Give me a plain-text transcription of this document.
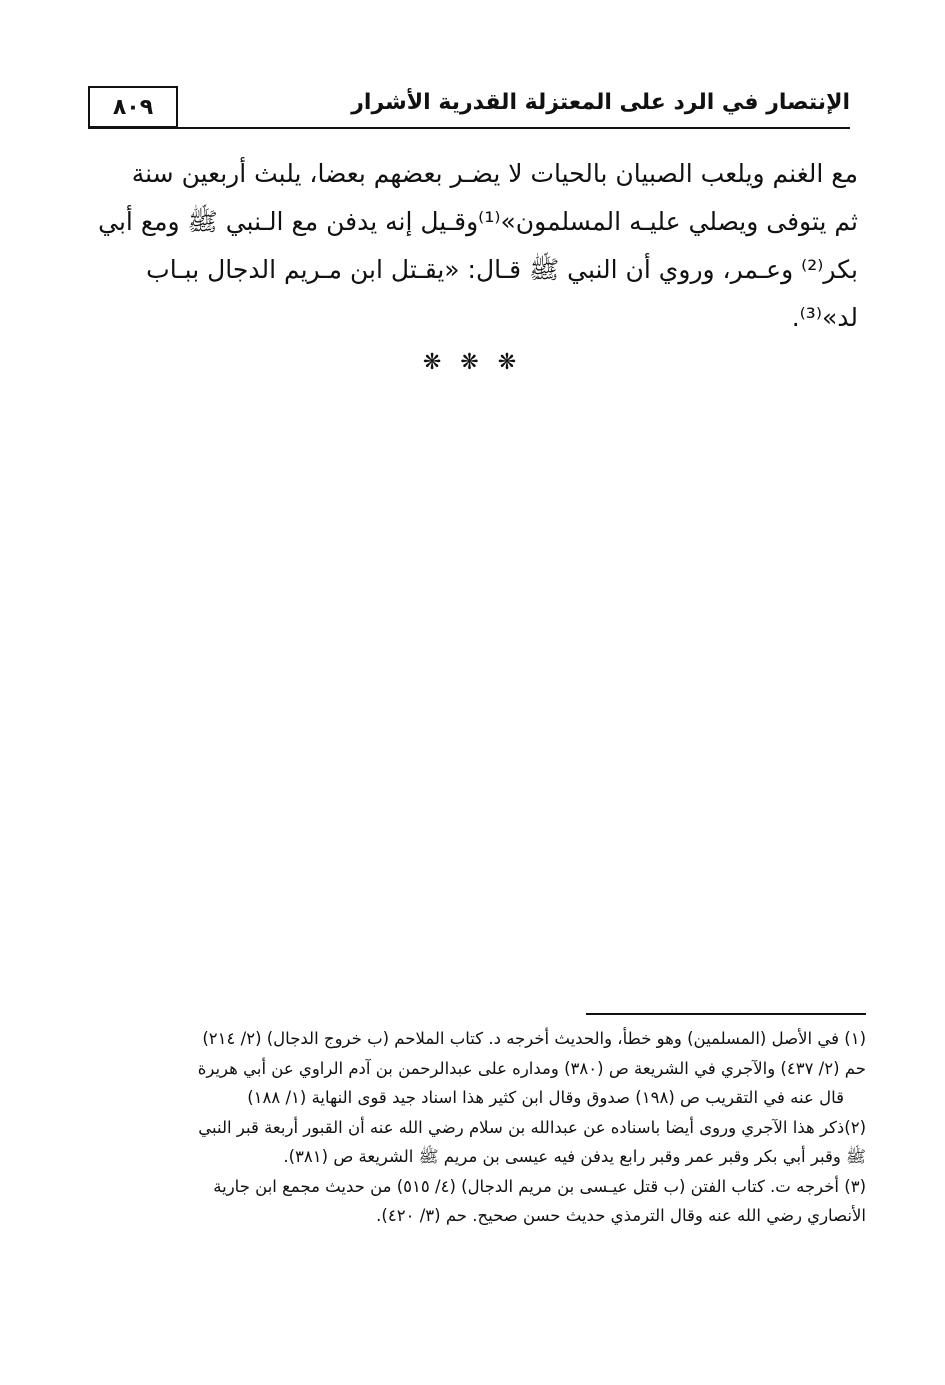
٨٠٩	الإنتصار في الرد على المعتزلة القدرية الأشرار
مع الغنم ويلعب الصبيان بالحيات لا يضـر بعضهم بعضا، يلبث أربعين سنة
ثم يتوفى ويصلي عليـه المسلمون»⁽¹⁾وقـيل إنه يدفن مع الـنبي ﷺ ومع أبي
بكر⁽²⁾ وعـمر، وروي أن النبي ﷺ قـال: «يقـتل ابن مـريم الدجال ببـاب
لد»⁽³⁾.
❋ ❋ ❋
(١) في الأصل (المسلمين) وهو خطأ، والحديث أخرجه د. كتاب الملاحم (ب خروج الدجال) (٢/ ٢١٤)
حم (٢/ ٤٣٧) والآجري في الشريعة ص (٣٨٠) ومداره على عبدالرحمن بن آدم الراوي عن أبي هريرة
قال عنه في التقريب ص (١٩٨) صدوق وقال ابن كثير هذا اسناد جيد قوى النهاية (١/ ١٨٨)
(٢)ذكر هذا الآجري وروى أيضا باسناده عن عبدالله بن سلام رضي الله عنه أن القبور أربعة قبر النبي
ﷺ وقبر أبي بكر وقبر عمر وقبر رابع يدفن فيه عيسى بن مريم ﷺ الشريعة ص (٣٨١).
(٣) أخرجه ت. كتاب الفتن (ب قتل عيـسى بن مريم الدجال) (٤/ ٥١٥) من حديث مجمع ابن جارية
الأنصاري رضي الله عنه وقال الترمذي حديث حسن صحيح. حم (٣/ ٤٢٠).
